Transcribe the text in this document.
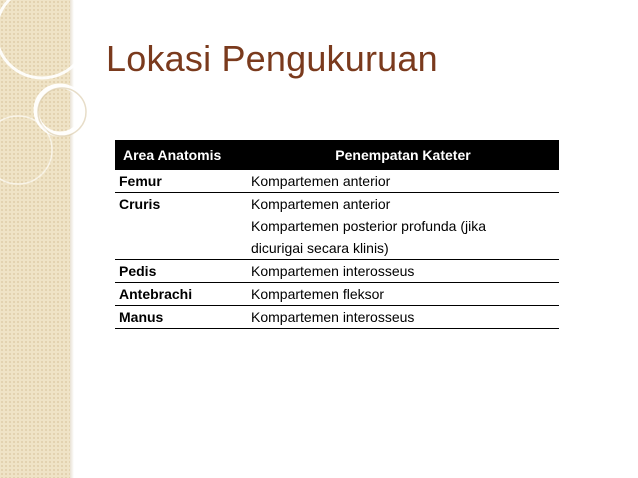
Lokasi Pengukuruan
Area Anatomis	Penempatan Kateter
Femur	Kompartemen anterior

Cruris	Kompartemen anterior
Kompartemen posterior profunda (jika
dicurigai secara klinis)

Pedis	Kompartemen interosseus

Antebrachi	Kompartemen fleksor

Manus	Kompartemen interosseus
